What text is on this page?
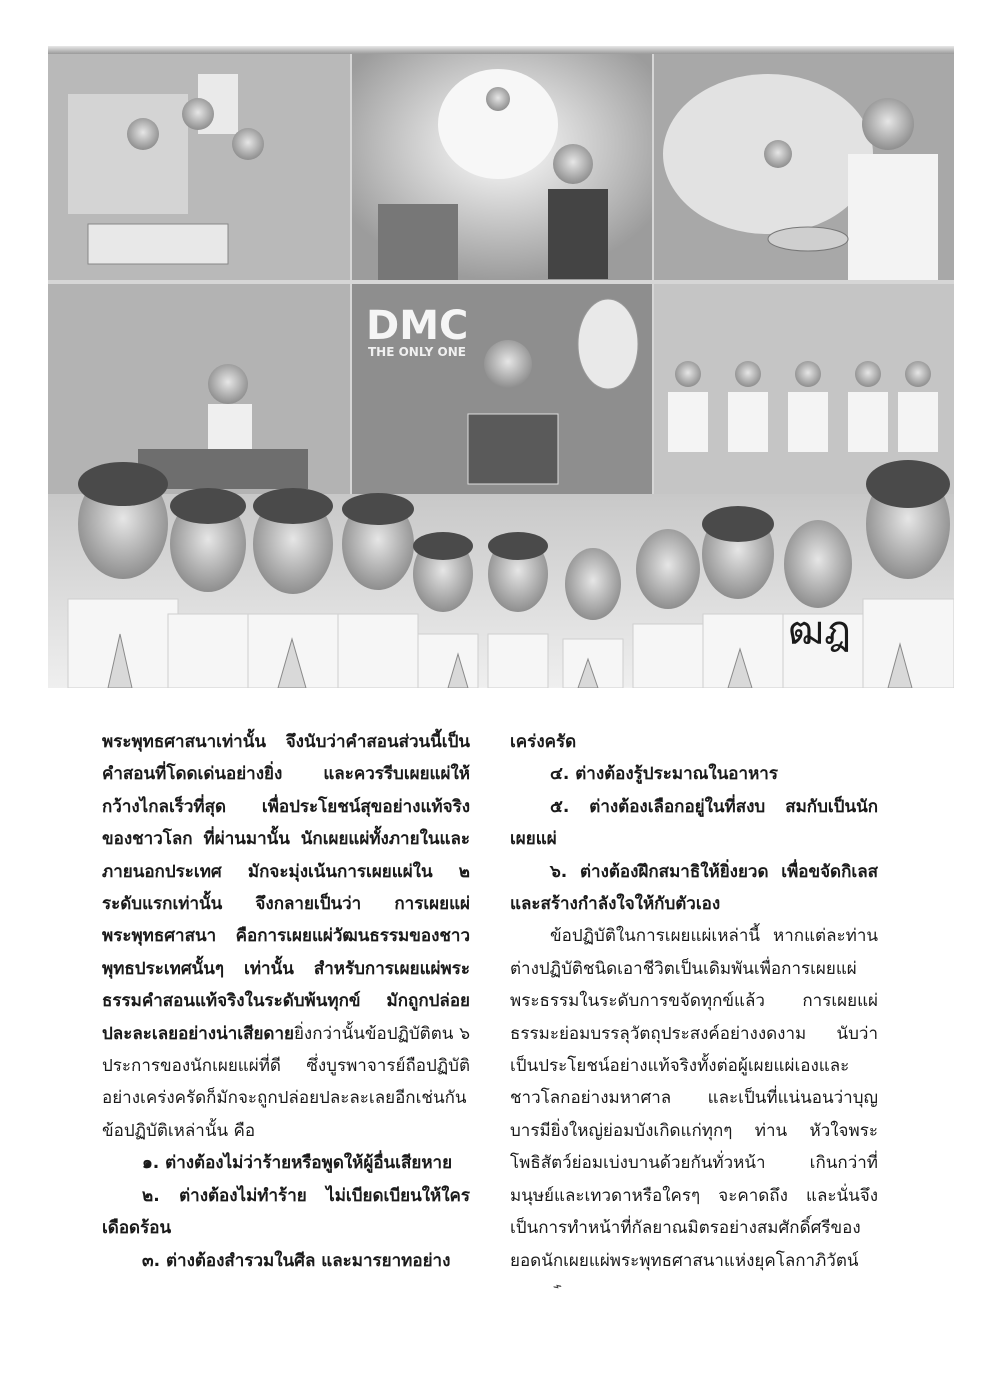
DMC
THE ONLY ONE
ฒฎ

พระพุทธศาสนาเท่านั้น จึงนับว่าคำสอนส่วนนี้เป็นคำสอนที่โดดเด่นอย่างยิ่ง และควรรีบเผยแผ่ให้กว้างไกลเร็วที่สุด เพื่อประโยชน์สุขอย่างแท้จริงของชาวโลก ที่ผ่านมานั้น นักเผยแผ่ทั้งภายในและภายนอกประเทศ มักจะมุ่งเน้นการเผยแผ่ใน ๒ ระดับแรกเท่านั้น จึงกลายเป็นว่า การเผยแผ่พระพุทธศาสนา คือการเผยแผ่วัฒนธรรมของชาวพุทธประเทศนั้นๆ เท่านั้น สำหรับการเผยแผ่พระธรรมคำสอนแท้จริงในระดับพ้นทุกข์ มักถูกปล่อยปละละเลยอย่างน่าเสียดายยิ่งกว่านั้นข้อปฏิบัติตน ๖ ประการของนักเผยแผ่ที่ดี ซึ่งบูรพาจารย์ถือปฏิบัติอย่างเคร่งครัดก็มักจะถูกปล่อยปละละเลยอีกเช่นกัน ข้อปฏิบัติเหล่านั้น คือ

๑. ต่างต้องไม่ว่าร้ายหรือพูดให้ผู้อื่นเสียหาย

๒. ต่างต้องไม่ทำร้าย ไม่เบียดเบียนให้ใครเดือดร้อน

๓. ต่างต้องสำรวมในศีล และมารยาทอย่าง

เคร่งครัด

๔. ต่างต้องรู้ประมาณในอาหาร

๕. ต่างต้องเลือกอยู่ในที่สงบ สมกับเป็นนักเผยแผ่

๖. ต่างต้องฝึกสมาธิให้ยิ่งยวด เพื่อขจัดกิเลส และสร้างกำลังใจให้กับตัวเอง

ข้อปฏิบัติในการเผยแผ่เหล่านี้ หากแต่ละท่านต่างปฏิบัติชนิดเอาชีวิตเป็นเดิมพันเพื่อการเผยแผ่พระธรรมในระดับการขจัดทุกข์แล้ว การเผยแผ่ธรรมะย่อมบรรลุวัตถุประสงค์อย่างงดงาม นับว่าเป็นประโยชน์อย่างแท้จริงทั้งต่อผู้เผยแผ่เองและชาวโลกอย่างมหาศาล และเป็นที่แน่นอนว่าบุญบารมียิ่งใหญ่ย่อมบังเกิดแก่ทุกๆ ท่าน หัวใจพระโพธิสัตว์ย่อมเบ่งบานด้วยกันทั่วหน้า เกินกว่าที่มนุษย์และเทวดาหรือใครๆ จะคาดถึง และนั่นจึงเป็นการทำหน้าที่กัลยาณมิตรอย่างสมศักดิ์ศรีของยอดนักเผยแผ่พระพุทธศาสนาแห่งยุคโลกาภิวัตน์⌁
